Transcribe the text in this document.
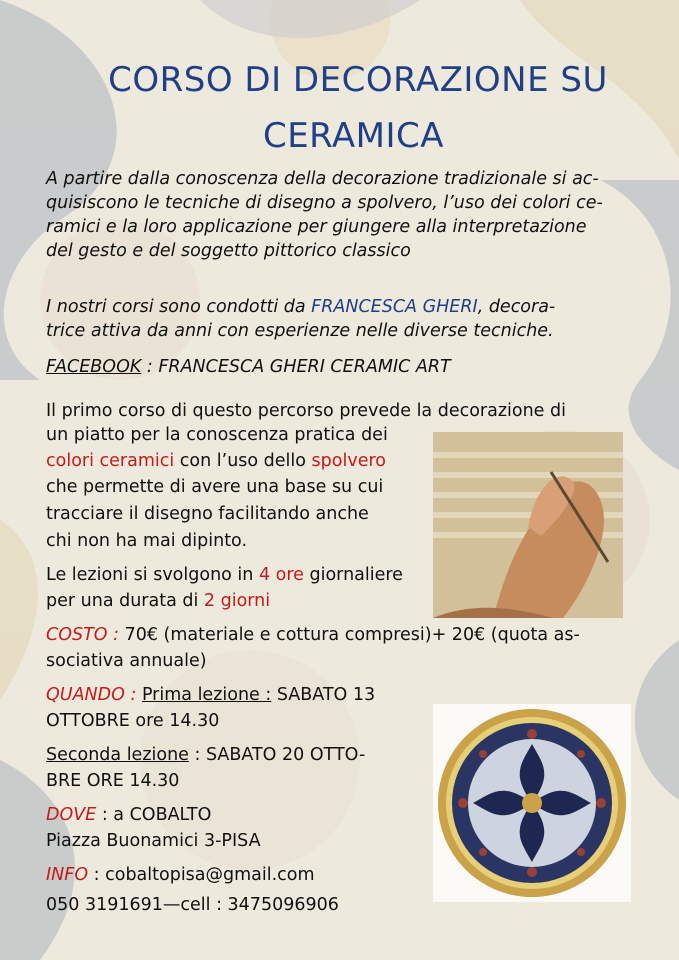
CORSO DI DECORAZIONE SU
CERAMICA
A partire dalla conoscenza della decorazione tradizionale si ac-
quisiscono le tecniche di disegno a spolvero, l’uso dei colori ce-
ramici e la loro applicazione per giungere alla interpretazione
del gesto e del soggetto pittorico classico
I nostri corsi sono condotti da FRANCESCA GHERI, decora-
trice attiva da anni con esperienze nelle diverse tecniche.
FACEBOOK : FRANCESCA GHERI CERAMIC ART
Il primo corso di questo percorso prevede la decorazione di
un piatto per la conoscenza pratica dei
colori ceramici con l’uso dello spolvero
che permette di avere una base su cui
tracciare il disegno facilitando anche
chi non ha mai dipinto.
Le lezioni si svolgono in 4 ore giornaliere
per una durata di 2 giorni
COSTO : 70€ (materiale e cottura compresi)+ 20€ (quota as-
sociativa annuale)
QUANDO : Prima lezione : SABATO 13
OTTOBRE ore 14.30
Seconda lezione : SABATO 20 OTTO-
BRE ORE 14.30
DOVE : a COBALTO
Piazza Buonamici 3-PISA
INFO : cobaltopisa@gmail.com
050 3191691—cell : 3475096906
